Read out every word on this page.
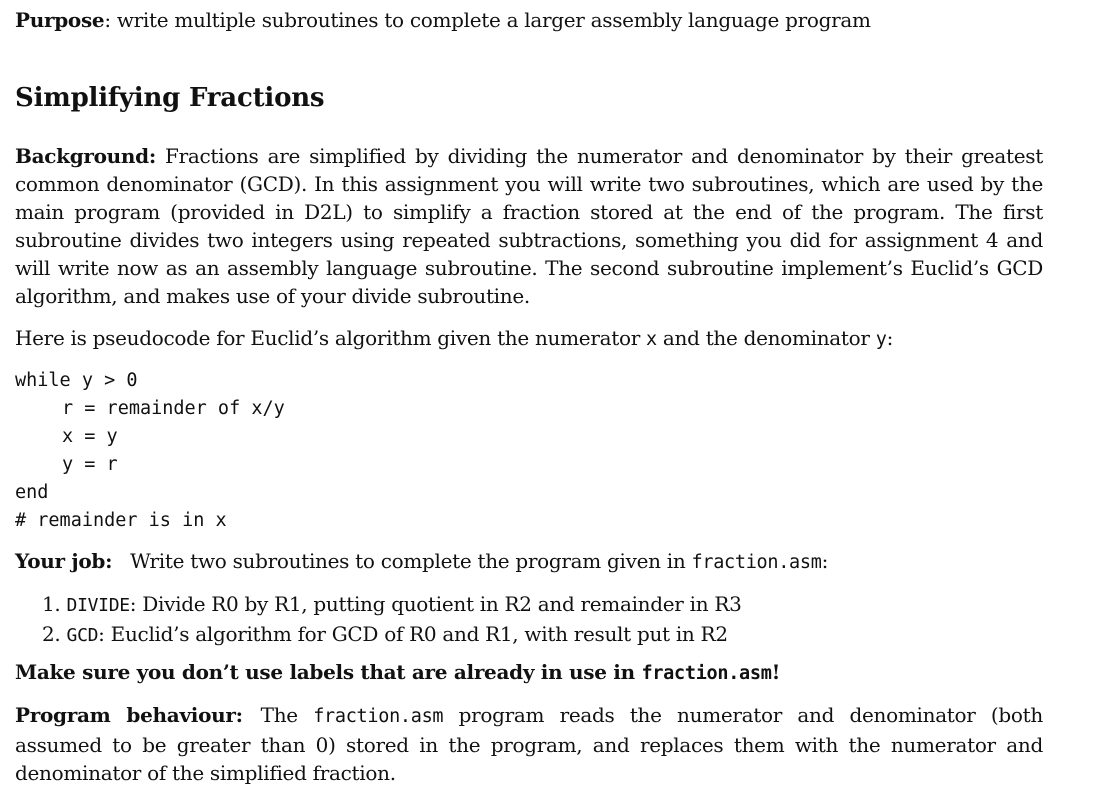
Purpose: write multiple subroutines to complete a larger assembly language program
Simplifying Fractions

Background: Fractions are simplified by dividing the numerator and denominator by their greatest common denominator (GCD). In this assignment you will write two subroutines, which are used by the main program (provided in D2L) to simplify a fraction stored at the end of the program. The first subroutine divides two integers using repeated subtractions, something you did for assignment 4 and will write now as an assembly language subroutine. The second subroutine implement’s Euclid’s GCD algorithm, and makes use of your divide subroutine.

Here is pseudocode for Euclid’s algorithm given the numerator x and the denominator y:
while y > 0
r = remainder of x/y
x = y
y = r
end
# remainder is in x
Your job: Write two subroutines to complete the program given in fraction.asm:
1. DIVIDE: Divide R0 by R1, putting quotient in R2 and remainder in R3
2. GCD: Euclid’s algorithm for GCD of R0 and R1, with result put in R2
Make sure you don’t use labels that are already in use in fraction.asm!

Program behaviour: The fraction.asm program reads the numerator and denominator (both assumed to be greater than 0) stored in the program, and replaces them with the numerator and denominator of the simplified fraction.
